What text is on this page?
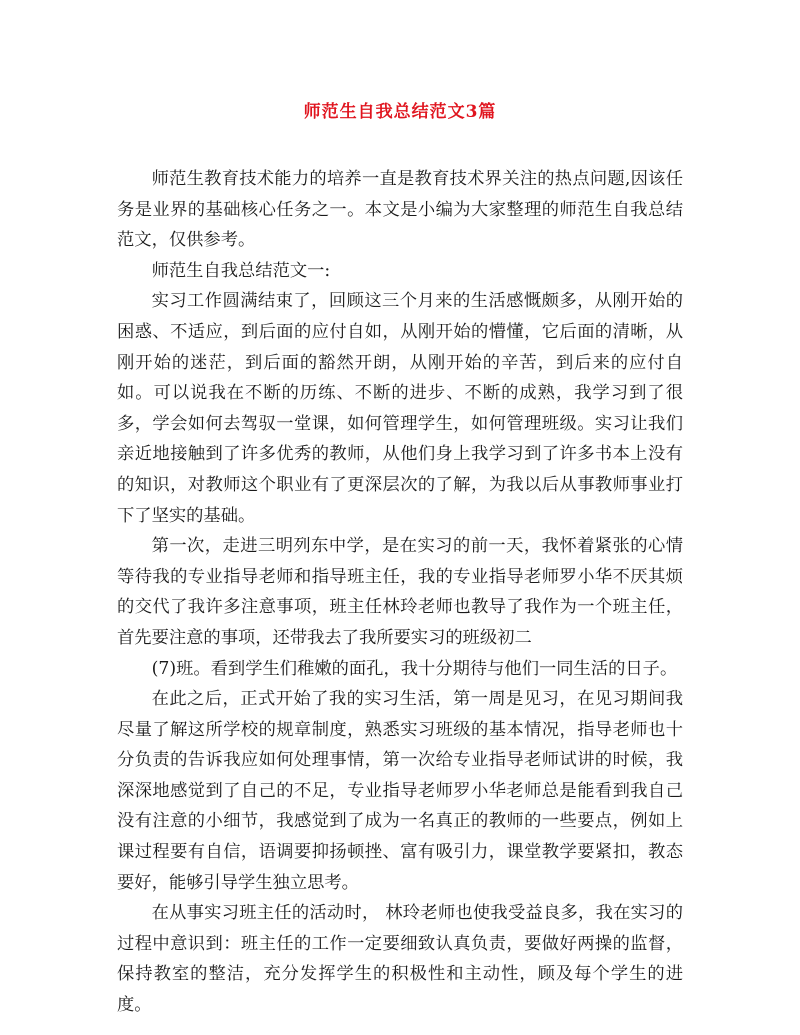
师范生自我总结范文3篇

师范生教育技术能力的培养一直是教育技术界关注的热点问题,因该任务是业界的基础核心任务之一。本文是小编为大家整理的师范生自我总结范文，仅供参考。

师范生自我总结范文一:

实习工作圆满结束了，回顾这三个月来的生活感慨颇多，从刚开始的困惑、不适应，到后面的应付自如，从刚开始的懵懂，它后面的清晰，从刚开始的迷茫，到后面的豁然开朗，从刚开始的辛苦，到后来的应付自如。可以说我在不断的历练、不断的进步、不断的成熟，我学习到了很多，学会如何去驾驭一堂课，如何管理学生，如何管理班级。实习让我们亲近地接触到了许多优秀的教师，从他们身上我学习到了许多书本上没有的知识，对教师这个职业有了更深层次的了解，为我以后从事教师事业打下了坚实的基础。

第一次，走进三明列东中学，是在实习的前一天，我怀着紧张的心情等待我的专业指导老师和指导班主任，我的专业指导老师罗小华不厌其烦的交代了我许多注意事项，班主任林玲老师也教导了我作为一个班主任，首先要注意的事项，还带我去了我所要实习的班级初二

(7)班。看到学生们稚嫩的面孔，我十分期待与他们一同生活的日子。

在此之后，正式开始了我的实习生活，第一周是见习，在见习期间我尽量了解这所学校的规章制度，熟悉实习班级的基本情况，指导老师也十分负责的告诉我应如何处理事情，第一次给专业指导老师试讲的时候，我深深地感觉到了自己的不足，专业指导老师罗小华老师总是能看到我自己没有注意的小细节，我感觉到了成为一名真正的教师的一些要点，例如上课过程要有自信，语调要抑扬顿挫、富有吸引力，课堂教学要紧扣，教态要好，能够引导学生独立思考。

在从事实习班主任的活动时， 林玲老师也使我受益良多，我在实习的过程中意识到：班主任的工作一定要细致认真负责，要做好两操的监督，保持教室的整洁，充分发挥学生的积极性和主动性，顾及每个学生的进度。
